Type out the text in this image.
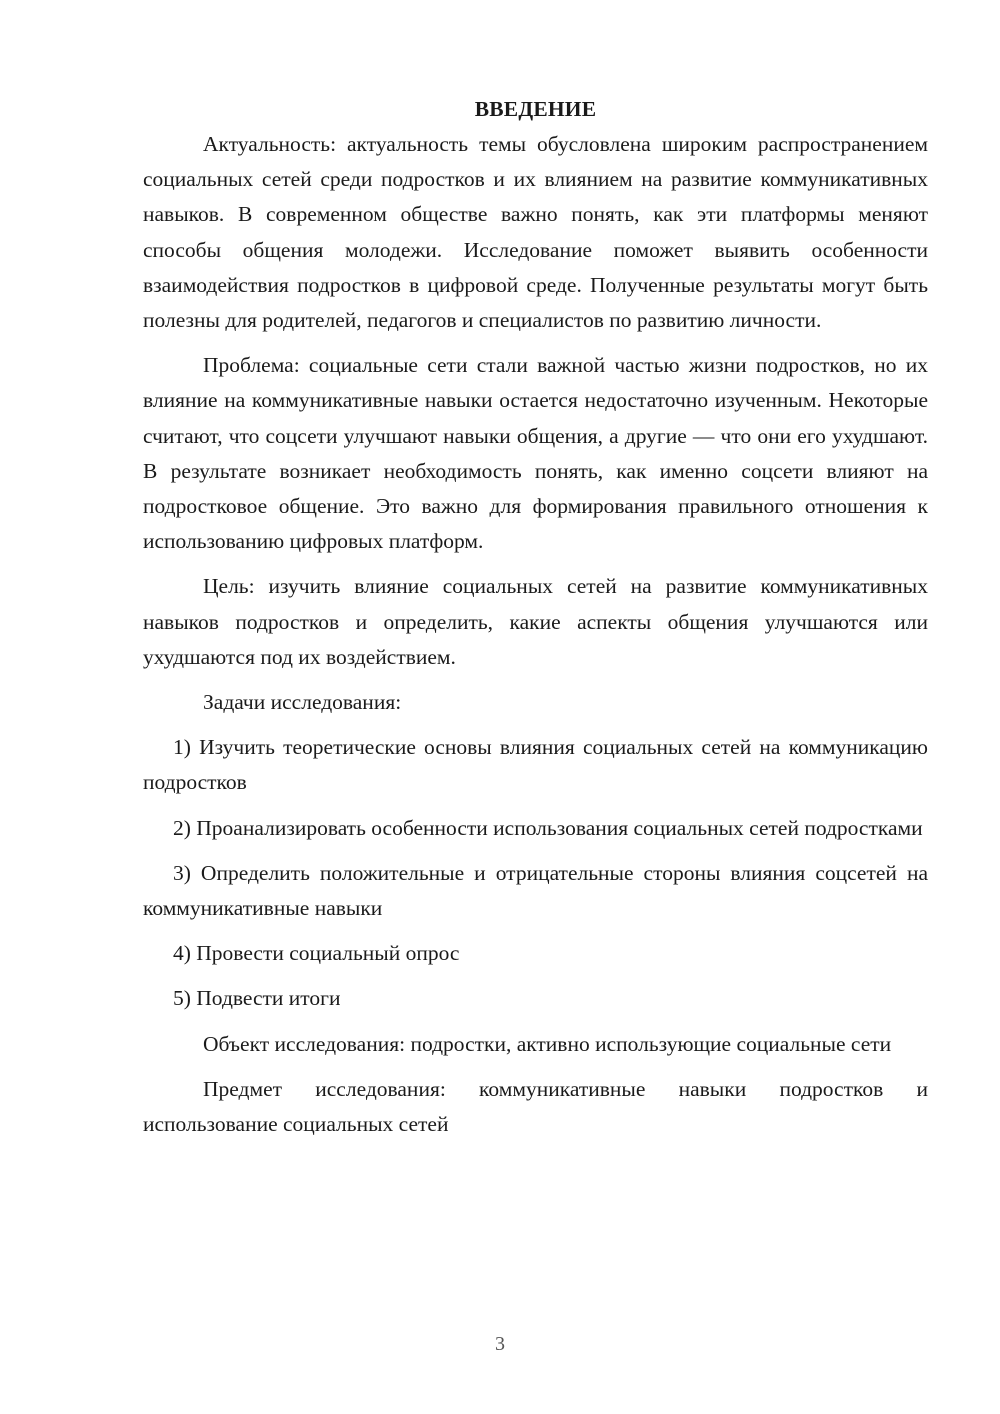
ВВЕДЕНИЕ

Актуальность: актуальность темы обусловлена широким распространением социальных сетей среди подростков и их влиянием на развитие коммуникативных навыков. В современном обществе важно понять, как эти платформы меняют способы общения молодежи. Исследование поможет выявить особенности взаимодействия подростков в цифровой среде. Полученные результаты могут быть полезны для родителей, педагогов и специалистов по развитию личности.

Проблема: социальные сети стали важной частью жизни подростков, но их влияние на коммуникативные навыки остается недостаточно изученным. Некоторые считают, что соцсети улучшают навыки общения, а другие — что они его ухудшают. В результате возникает необходимость понять, как именно соцсети влияют на подростковое общение. Это важно для формирования правильного отношения к использованию цифровых платформ.

Цель: изучить влияние социальных сетей на развитие коммуникативных навыков подростков и определить, какие аспекты общения улучшаются или ухудшаются под их воздействием.

Задачи исследования:

1) Изучить теоретические основы влияния социальных сетей на коммуникацию подростков

2) Проанализировать особенности использования социальных сетей подростками

3) Определить положительные и отрицательные стороны влияния соцсетей на коммуникативные навыки

4) Провести социальный опрос

5) Подвести итоги

Объект исследования: подростки, активно использующие социальные сети

Предмет исследования: коммуникативные навыки подростков и использование социальных сетей

3
